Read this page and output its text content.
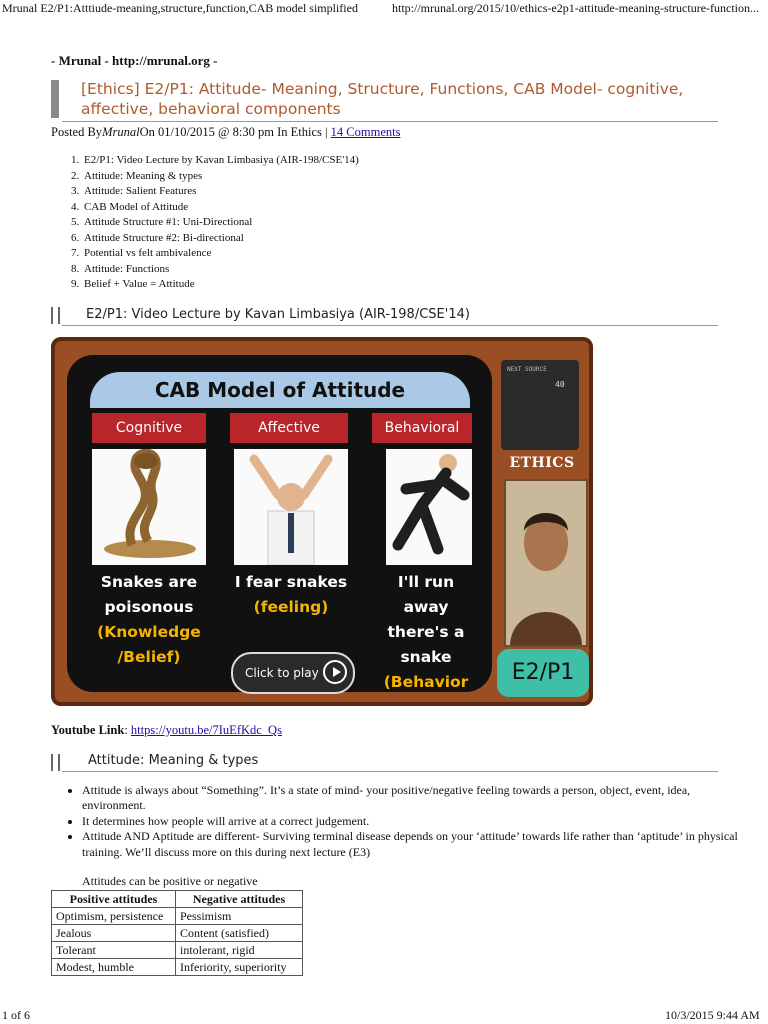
Mrunal E2/P1:Atttiude-meaning,structure,function,CAB model simplified	http://mrunal.org/2015/10/ethics-e2p1-attitude-meaning-structure-function...
- Mrunal - http://mrunal.org -
[Ethics] E2/P1: Attitude- Meaning, Structure, Functions, CAB Model- cognitive, affective, behavioral components
Posted ByMrunalOn 01/10/2015 @ 8:30 pm In Ethics | 14 Comments
1. E2/P1: Video Lecture by Kavan Limbasiya (AIR-198/CSE'14)
2. Attitude: Meaning & types
3. Attitude: Salient Features
4. CAB Model of Attitude
5. Attitude Structure #1: Uni-Directional
6. Attitude Structure #2: Bi-directional
7. Potential vs felt ambivalence
8. Attitude: Functions
9. Belief + Value = Attitude
E2/P1: Video Lecture by Kavan Limbasiya (AIR-198/CSE'14)
CAB Model of Attitude
Cognitive
Snakes are
poisonous
(Knowledge
/Belief)
Affective
I fear snakes
(feeling)
Behavioral
I'll run away
there's a
snake
(Behavior
Click to play
NEXT SOURCE
40
ETHICS
E2/P1
Youtube Link: https://youtu.be/7IuEfKdc_Qs
Attitude: Meaning & types
• Attitude is always about “Something”. It’s a state of mind- your positive/negative feeling towards a person, object, event, idea, environment.
• It determines how people will arrive at a correct judgement.
• Attitude AND Aptitude are different- Surviving terminal disease depends on your ‘attitude’ towards life rather than ‘aptitude’ in physical training. We’ll discuss more on this during next lecture (E3)
Attitudes can be positive or negative
Positive attitudes	Negative attitudes
Optimism, persistence	Pessimism
Jealous	Content (satisfied)
Tolerant	intolerant, rigid
Modest, humble	Inferiority, superiority
1 of 6	10/3/2015 9:44 AM
